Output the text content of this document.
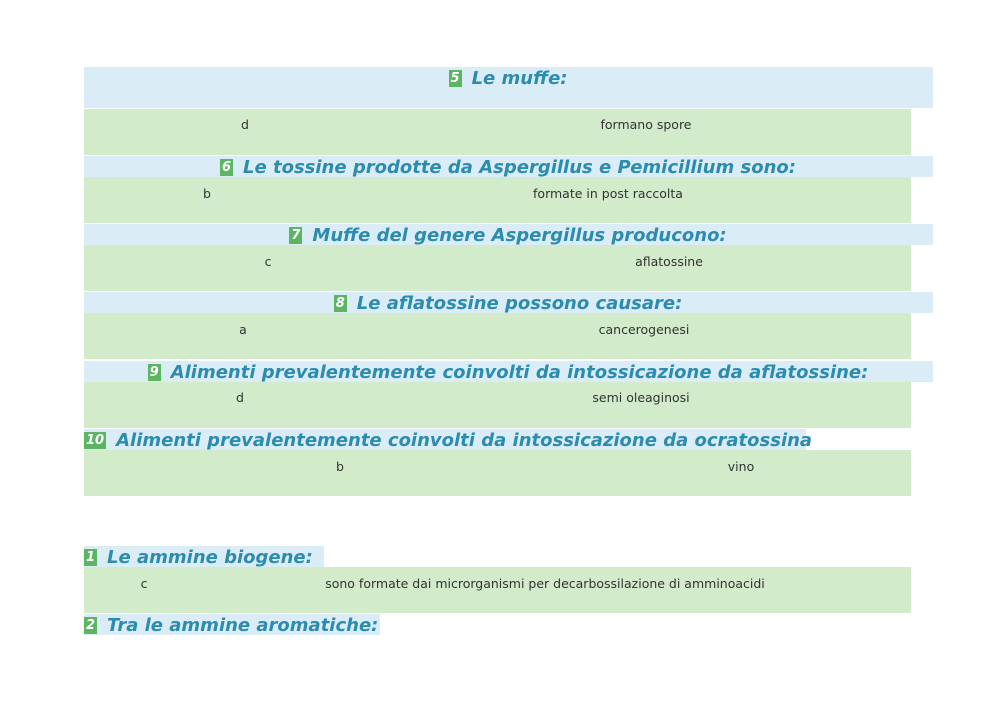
5 Le muffe:
d	formano spore
6 Le tossine prodotte da Aspergillus e Pemicillium sono:
b	formate in post raccolta
7 Muffe del genere Aspergillus producono:
c	aflatossine
8 Le aflatossine possono causare:
a	cancerogenesi
9 Alimenti prevalentemente coinvolti da intossicazione da aflatossine:
d	semi oleaginosi
10 Alimenti prevalentemente coinvolti da intossicazione da ocratossina
b	vino
1 Le ammine biogene:
c	sono formate dai microrganismi per decarbossilazione di amminoacidi
2 Tra le ammine aromatiche:
